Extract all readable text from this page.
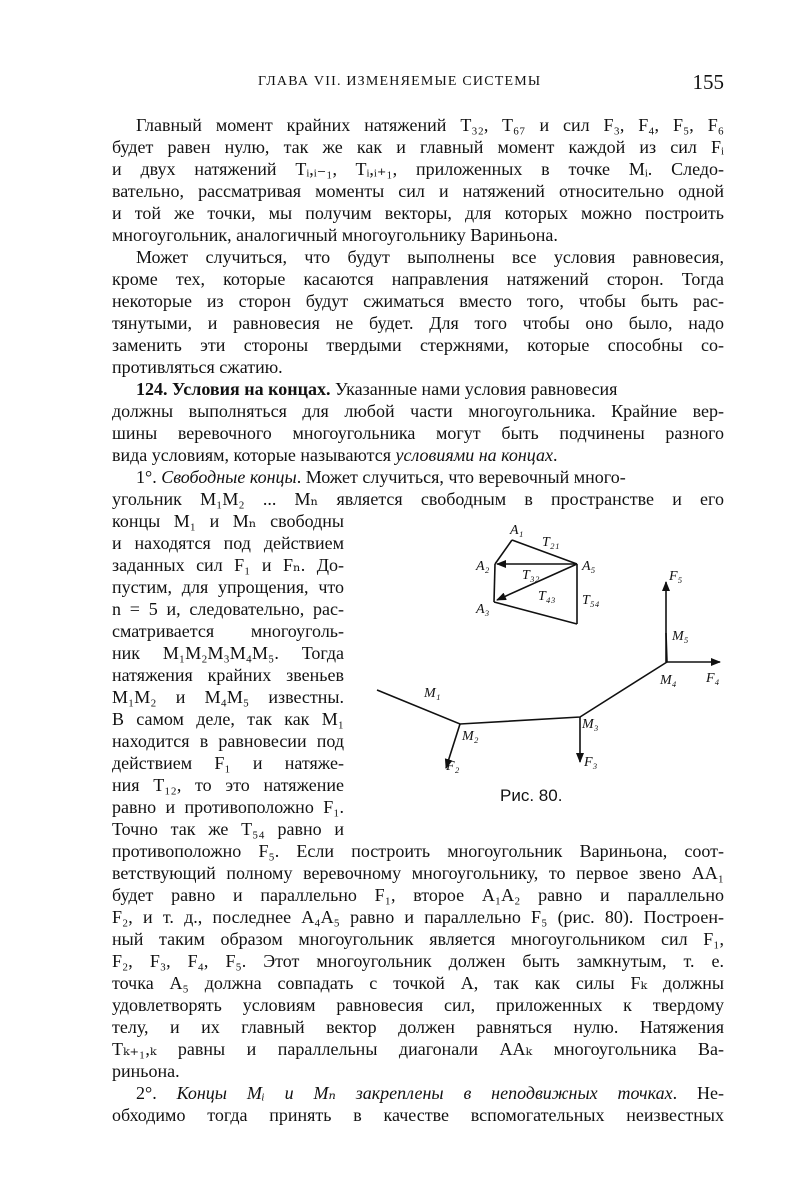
ГЛАВА VII. ИЗМЕНЯЕМЫЕ СИСТЕМЫ	155
Главный момент крайних натяжений T₃₂, T₆₇ и сил F₃, F₄, F₅, F₆
будет равен нулю, так же как и главный момент каждой из сил Fᵢ
и двух натяжений Tᵢ,ᵢ₋₁, Tᵢ,ᵢ₊₁, приложенных в точке Mᵢ. Следо-
вательно, рассматривая моменты сил и натяжений относительно одной
и той же точки, мы получим векторы, для которых можно построить
многоугольник, аналогичный многоугольнику Вариньона.
Может случиться, что будут выполнены все условия равновесия,
кроме тех, которые касаются направления натяжений сторон. Тогда
некоторые из сторон будут сжиматься вместо того, чтобы быть рас-
тянутыми, и равновесия не будет. Для того чтобы оно было, надо
заменить эти стороны твердыми стержнями, которые способны со-
противляться сжатию.
124. Условия на концах. Указанные нами условия равновесия
должны выполняться для любой части многоугольника. Крайние вер-
шины веревочного многоугольника могут быть подчинены разного
вида условиям, которые называются условиями на концах.
1°. Свободные концы. Может случиться, что веревочный много-
угольник M₁M₂ ... Mₙ является свободным в пространстве и его
концы M₁ и Mₙ свободны
и находятся под действием
заданных сил F₁ и Fₙ. До-
пустим, для упрощения, что
n = 5 и, следовательно, рас-
сматривается многоуголь-
ник M₁M₂M₃M₄M₅. Тогда
натяжения крайних звеньев
M₁M₂ и M₄M₅ известны.
В самом деле, так как M₁
находится в равновесии под
действием F₁ и натяже-
ния T₁₂, то это натяжение
равно и противоположно F₁.
Точно так же T₅₄ равно и
противоположно F₅. Если построить многоугольник Вариньона, соот-
ветствующий полному веревочному многоугольнику, то первое звено AA₁
будет равно и параллельно F₁, второе A₁A₂ равно и параллельно
F₂, и т. д., последнее A₄A₅ равно и параллельно F₅ (рис. 80). Построен-
ный таким образом многоугольник является многоугольником сил F₁,
F₂, F₃, F₄, F₅. Этот многоугольник должен быть замкнутым, т. е.
точка A₅ должна совпадать с точкой A, так как силы Fₖ должны
удовлетворять условиям равновесия сил, приложенных к твердому
телу, и их главный вектор должен равняться нулю. Натяжения
Tₖ₊₁,ₖ равны и параллельны диагонали AAₖ многоугольника Ва-
риньона.
2°. Концы Mᵢ и Mₙ закреплены в неподвижных точках. Не-
обходимо тогда принять в качестве вспомогательных неизвестных
A₁
T₂₁
A₂
T₃₂
A₅
A₃
T₄₃ T₅₄
F₅
M₅
M₁
M₄ F₄
M₂
M₃
F₂	F₃
Рис. 80.
